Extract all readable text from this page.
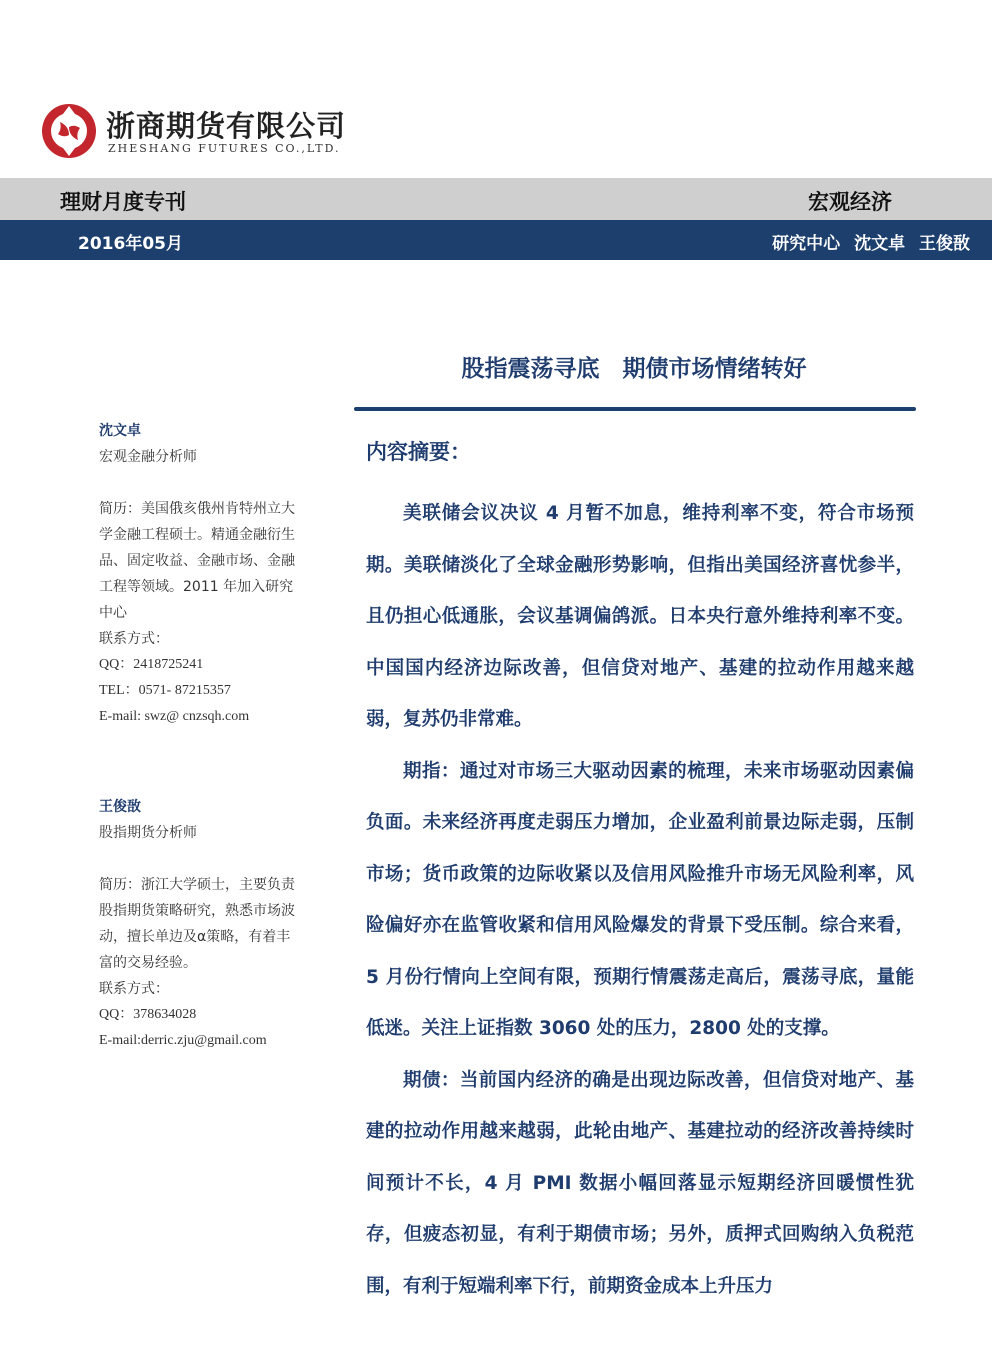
浙商期货有限公司
ZHESHANG FUTURES CO.,LTD.
理财月度专刊	宏观经济
2016年05月	研究中心 沈文卓 王俊敔
股指震荡寻底　期债市场情绪转好
沈文卓
宏观金融分析师
简历：美国俄亥俄州肯特州立大学金融工程硕士。精通金融衍生品、固定收益、金融市场、金融工程等领域。2011 年加入研究中心
联系方式：
QQ：2418725241
TEL：0571- 87215357
E-mail: swz@ cnzsqh.com
王俊敔
股指期货分析师
简历：浙江大学硕士，主要负责股指期货策略研究，熟悉市场波动，擅长单边及α策略，有着丰富的交易经验。
联系方式：
QQ：378634028
E-mail:derric.zju@gmail.com
内容摘要：

美联储会议决议 4 月暂不加息，维持利率不变，符合市场预期。美联储淡化了全球金融形势影响，但指出美国经济喜忧参半，且仍担心低通胀，会议基调偏鸽派。日本央行意外维持利率不变。中国国内经济边际改善，但信贷对地产、基建的拉动作用越来越弱，复苏仍非常难。

期指：通过对市场三大驱动因素的梳理，未来市场驱动因素偏负面。未来经济再度走弱压力增加，企业盈利前景边际走弱，压制市场；货币政策的边际收紧以及信用风险推升市场无风险利率，风险偏好亦在监管收紧和信用风险爆发的背景下受压制。综合来看，5 月份行情向上空间有限，预期行情震荡走高后，震荡寻底，量能低迷。关注上证指数 3060 处的压力，2800 处的支撑。

期债：当前国内经济的确是出现边际改善，但信贷对地产、基建的拉动作用越来越弱，此轮由地产、基建拉动的经济改善持续时间预计不长，4 月 PMI 数据小幅回落显示短期经济回暖惯性犹存，但疲态初显，有利于期债市场；另外，质押式回购纳入负税范围，有利于短端利率下行，前期资金成本上升压力
